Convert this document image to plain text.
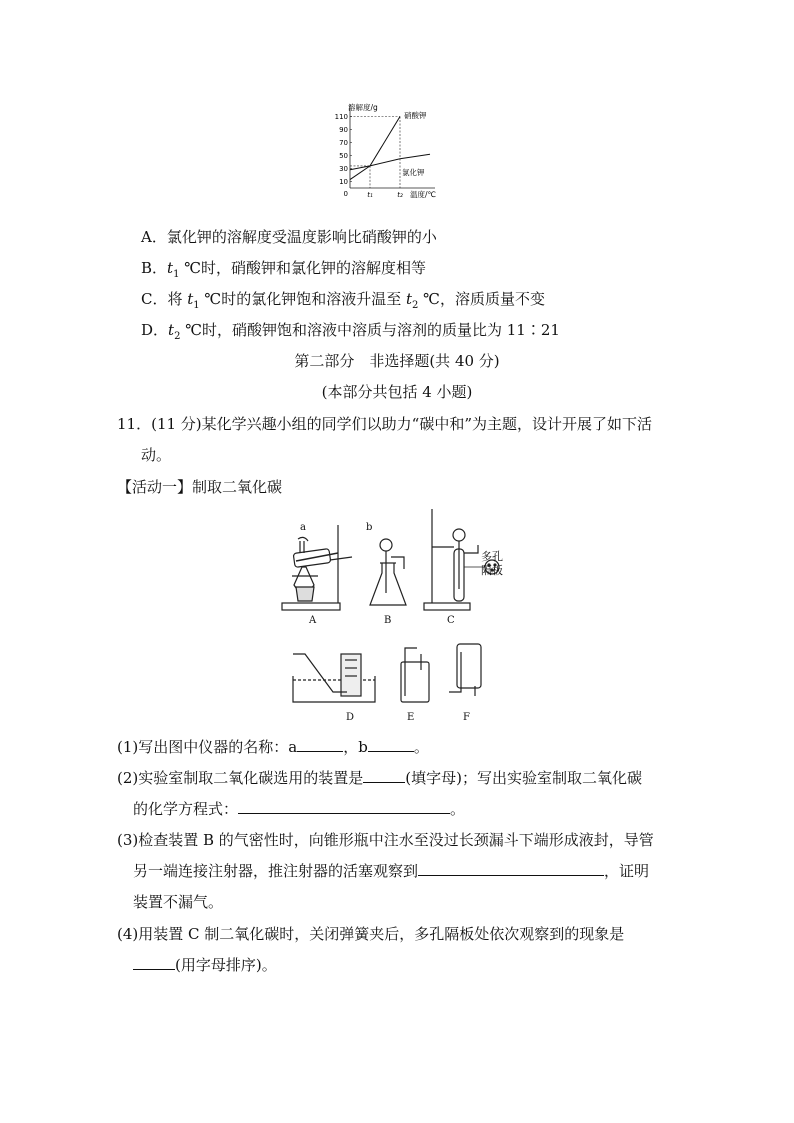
10
30
50
70
90
110
0	t₁	t₂
溶解度/g
温度/℃
硝酸钾
氯化钾
A．氯化钾的溶解度受温度影响比硝酸钾的小
B．$t_1$ ℃时，硝酸钾和氯化钾的溶解度相等
C．将 $t_1$ ℃时的氯化钾饱和溶液升温至 $t_2$ ℃，溶质质量不变
D．$t_2$ ℃时，硝酸钾饱和溶液中溶质与溶剂的质量比为 11∶21
第二部分　非选择题(共 40 分)
(本部分共包括 4 小题)
11．(11 分)某化学兴趣小组的同学们以助力“碳中和”为主题，设计开展了如下活
动。
【活动一】制取二氧化碳
a	b
多孔
隔板
A	B	C
D	E	F
(1)写出图中仪器的名称：a	，b	。
(2)实验室制取二氧化碳选用的装置是	(填字母)；写出实验室制取二氧化碳
的化学方程式：	。
(3)检查装置 B 的气密性时，向锥形瓶中注水至没过长颈漏斗下端形成液封，导管
另一端连接注射器，推注射器的活塞观察到	，证明
装置不漏气。
(4)用装置 C 制二氧化碳时，关闭弹簧夹后，多孔隔板处依次观察到的现象是
(用字母排序)。
